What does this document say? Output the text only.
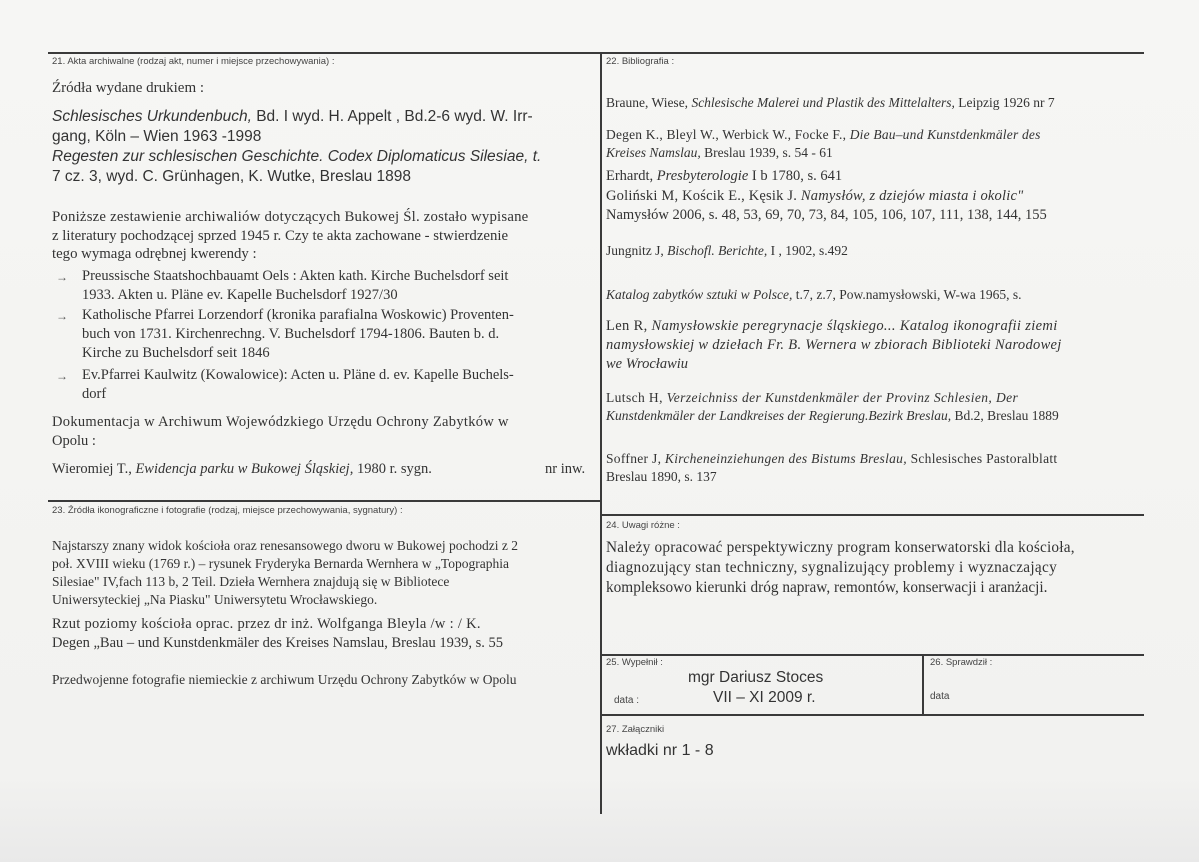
21. Akta archiwalne (rodzaj akt, numer i miejsce przechowywania) :
Źródła wydane drukiem :
Schlesisches Urkundenbuch, Bd. I wyd. H. Appelt , Bd.2-6 wyd. W. Irr-
gang, Köln – Wien 1963 -1998
Regesten zur schlesischen Geschichte. Codex Diplomaticus Silesiae, t.
7 cz. 3, wyd. C. Grünhagen, K. Wutke, Breslau 1898
Poniższe zestawienie archiwaliów dotyczących Bukowej Śl. zostało wypisane
z literatury pochodzącej sprzed 1945 r. Czy te akta zachowane - stwierdzenie
tego wymaga odrębnej kwerendy :
→ Preussische Staatshochbauamt Oels : Akten kath. Kirche Buchelsdorf seit
1933. Akten u. Pläne ev. Kapelle Buchelsdorf 1927/30
→ Katholische Pfarrei Lorzendorf (kronika parafialna Woskowic) Proventen-
buch von 1731. Kirchenrechng. V. Buchelsdorf 1794-1806. Bauten b. d.
Kirche zu Buchelsdorf seit 1846
→ Ev.Pfarrei Kaulwitz (Kowalowice): Acten u. Pläne d. ev. Kapelle Buchels-
dorf
Dokumentacja w Archiwum Wojewódzkiego Urzędu Ochrony Zabytków w
Opolu :
Wieromiej T., Ewidencja parku w Bukowej Śląskiej, 1980 r. sygn.	nr inw.
22. Bibliografia :
Braune, Wiese, Schlesische Malerei und Plastik des Mittelalters, Leipzig 1926 nr 7
Degen K., Bleyl W., Werbick W., Focke F., Die Bau–und Kunstdenkmäler des
Kreises Namslau, Breslau 1939, s. 54 - 61
Erhardt, Presbyterologie I b 1780, s. 641
Goliński M, Kościk E., Kęsik J. Namysłów, z dziejów miasta i okolic"
Namysłów 2006, s. 48, 53, 69, 70, 73, 84, 105, 106, 107, 111, 138, 144, 155
Jungnitz J, Bischofl. Berichte, I , 1902, s.492
Katalog zabytków sztuki w Polsce, t.7, z.7, Pow.namysłowski, W-wa 1965, s.
Len R, Namysłowskie peregrynacje śląskiego... Katalog ikonografii ziemi
namysłowskiej w dziełach Fr. B. Wernera w zbiorach Biblioteki Narodowej
we Wrocławiu
Lutsch H, Verzeichniss der Kunstdenkmäler der Provinz Schlesien, Der
Kunstdenkmäler der Landkreises der Regierung.Bezirk Breslau, Bd.2, Breslau 1889
Soffner J, Kircheneinziehungen des Bistums Breslau, Schlesisches Pastoralblatt
Breslau 1890, s. 137
23. Źródła ikonograficzne i fotografie (rodzaj, miejsce przechowywania, sygnatury) :
Najstarszy znany widok kościoła oraz renesansowego dworu w Bukowej pochodzi z 2
poł. XVIII wieku (1769 r.) – rysunek Fryderyka Bernarda Wernhera w „Topographia
Silesiae" IV,fach 113 b, 2 Teil. Dzieła Wernhera znajdują się w Bibliotece
Uniwersyteckiej „Na Piasku" Uniwersytetu Wrocławskiego.
Rzut poziomy kościoła oprac. przez dr inż. Wolfganga Bleyla /w : / K.
Degen „Bau – und Kunstdenkmäler des Kreises Namslau, Breslau 1939, s. 55
Przedwojenne fotografie niemieckie z archiwum Urzędu Ochrony Zabytków w Opolu
24. Uwagi różne :
Należy opracować perspektywiczny program konserwatorski dla kościoła,
diagnozujący stan techniczny, sygnalizujący problemy i wyznaczający
kompleksowo kierunki dróg napraw, remontów, konserwacji i aranżacji.
25. Wypełnił :
mgr Dariusz Stoces
data :	VII – XI 2009 r.
26. Sprawdził :
data
27. Załączniki
wkładki nr 1 - 8
